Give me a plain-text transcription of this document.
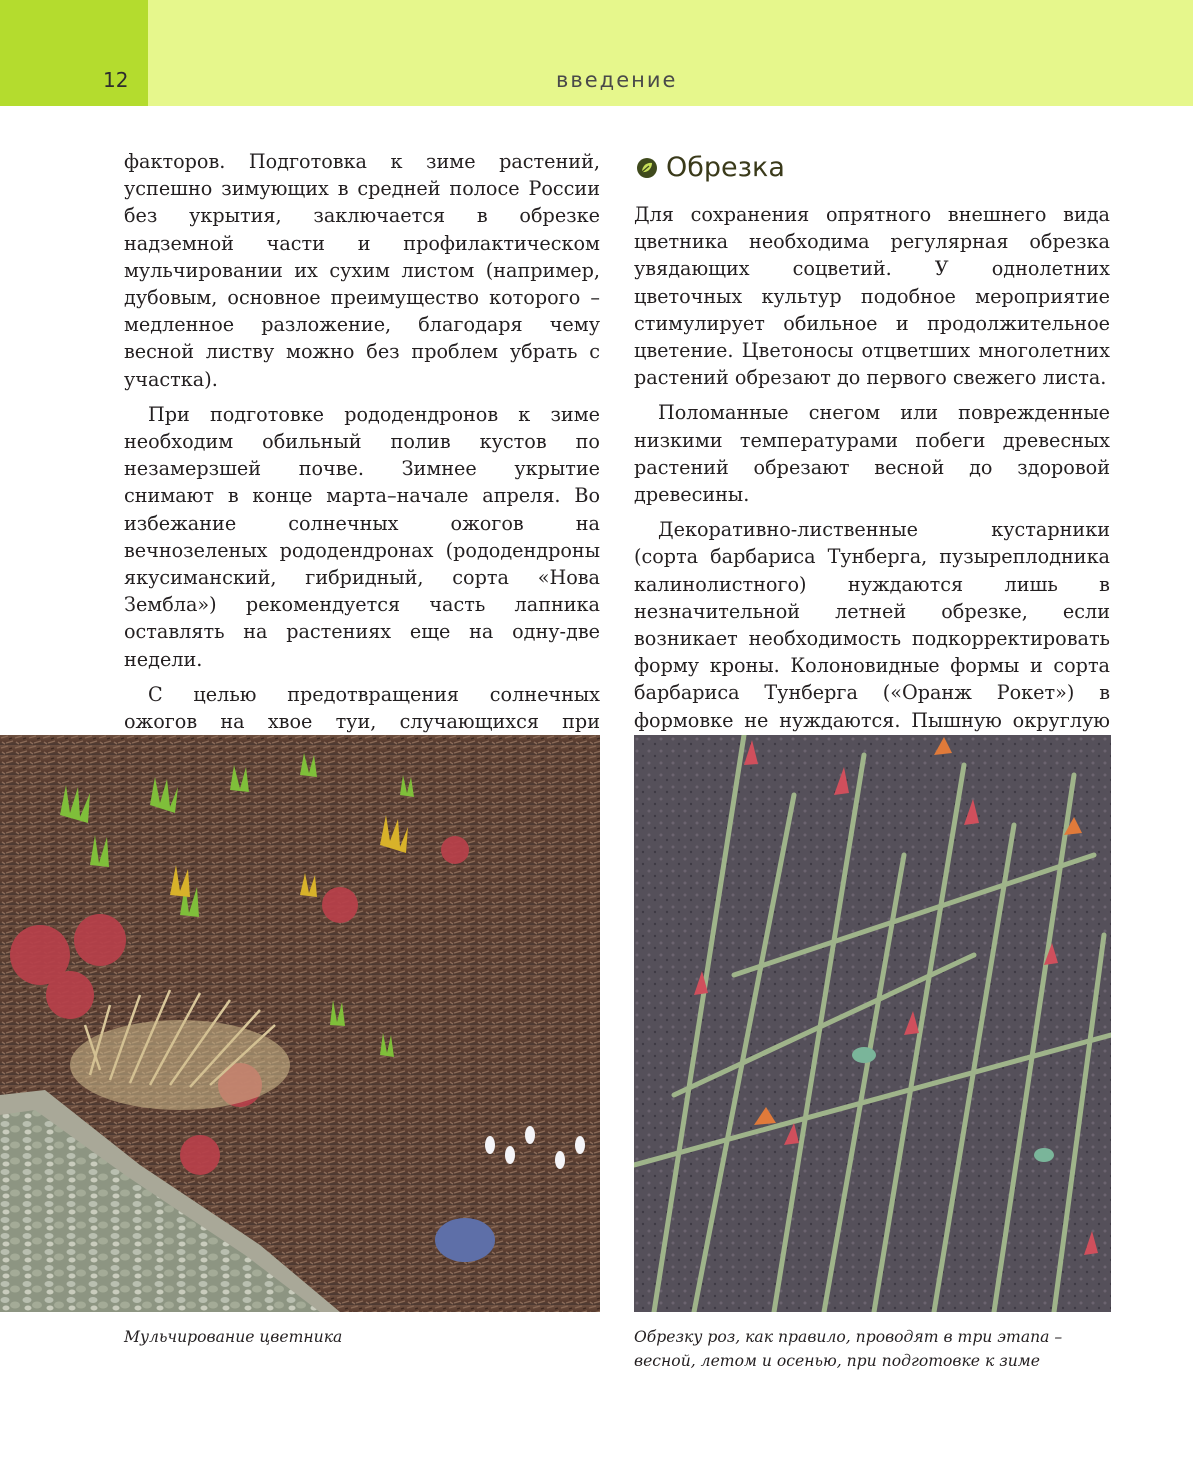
12	введение

факторов. Подготовка к зиме растений, успешно зимующих в средней полосе России без укрытия, заключается в обрезке надземной части и профилактическом мульчировании их сухим листом (например, дубовым, основное преимущество которого – медленное разложение, благодаря чему весной листву можно без проблем убрать с участка).

При подготовке рододендронов к зиме необходим обильный полив кустов по незамерзшей почве. Зимнее укрытие снимают в конце марта–начале апреля. Во избежание солнечных ожогов на вечнозеленых рододендронах (рододендроны якусиманский, гибридный, сорта «Нова Зембла») рекомендуется часть лапника оставлять на растениях еще на одну-две недели.

С целью предотвращения солнечных ожогов на хвое туи, случающихся при

Обрезка

Для сохранения опрятного внешнего вида цветника необходима регулярная обрезка увядающих соцветий. У однолетних цветочных культур подобное мероприятие стимулирует обильное и продолжительное цветение. Цветоносы отцветших многолетних растений обрезают до первого свежего листа.

Поломанные снегом или поврежденные низкими температурами побеги древесных растений обрезают весной до здоровой древесины.

Декоративно-лиственные кустарники (сорта барбариса Тунберга, пузыреплодника калинолистного) нуждаются лишь в незначительной летней обрезке, если возникает необходимость подкорректировать форму кроны. Колоновидные формы и сорта барбариса Тунберга («Оранж Рокет») в формовке не нуждаются. Пышную округлую

Мульчирование цветника	Обрезку роз, как правило, проводят в три этапа – весной, летом и осенью, при подготовке к зиме
